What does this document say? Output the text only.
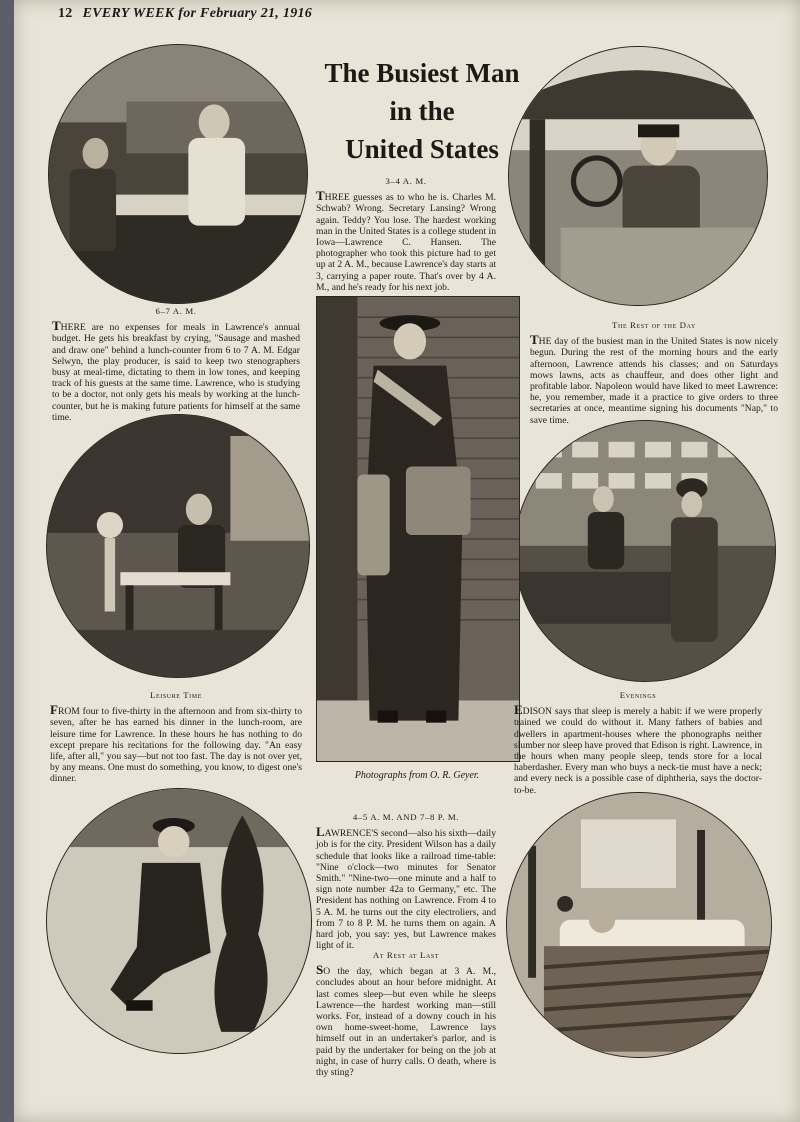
12 EVERY WEEK for February 21, 1916
The Busiest Man
in the
United States
3–4 A. M.
THREE guesses as to who he is. Charles M. Schwab? Wrong. Secretary Lansing? Wrong again. Teddy? You lose. The hardest working man in the United States is a college student in Iowa—Lawrence C. Hansen. The photographer who took this picture had to get up at 2 A. M., because Lawrence's day starts at 3, carrying a paper route. That's over by 4 A. M., and he's ready for his next job.
6–7 A. M.
THERE are no expenses for meals in Lawrence's annual budget. He gets his breakfast by crying, "Sausage and mashed and draw one" behind a lunch-counter from 6 to 7 A. M. Edgar Selwyn, the play producer, is said to keep two stenographers busy at meal-time, dictating to them in low tones, and keeping track of his guests at the same time. Lawrence, who is studying to be a doctor, not only gets his meals by working at the lunch-counter, but he is making future patients for himself at the same time.
The Rest of the Day
THE day of the busiest man in the United States is now nicely begun. During the rest of the morning hours and the early afternoon, Lawrence attends his classes; and on Saturdays mows lawns, acts as chauffeur, and does other light and profitable labor. Napoleon would have liked to meet Lawrence: he, you remember, made it a practice to give orders to three secretaries at once, meantime signing his documents "Nap," to save time.
Leisure Time
FROM four to five-thirty in the afternoon and from six-thirty to seven, after he has earned his dinner in the lunch-room, are leisure time for Lawrence. In these hours he has nothing to do except prepare his recitations for the following day. "An easy life, after all," you say—but not too fast. The day is not over yet, by any means. One must do something, you know, to digest one's dinner.
Evenings
EDISON says that sleep is merely a habit: if we were properly trained we could do without it. Many fathers of babies and dwellers in apartment-houses where the phonographs neither slumber nor sleep have proved that Edison is right. Lawrence, in the hours when many people sleep, tends store for a local haberdasher. Every man who buys a neck-tie must have a neck; and every neck is a possible case of diphtheria, says the doctor-to-be.
Photographs from O. R. Geyer.
4–5 A. M. AND 7–8 P. M.
LAWRENCE'S second—also his sixth—daily job is for the city. President Wilson has a daily schedule that looks like a railroad time-table: "Nine o'clock—two minutes for Senator Smith." "Nine-two—one minute and a half to sign note number 42a to Germany," etc. The President has nothing on Lawrence. From 4 to 5 A. M. he turns out the city electroliers, and from 7 to 8 P. M. he turns them on again. A hard job, you say: yes, but Lawrence makes light of it.
At Rest at Last
SO the day, which began at 3 A. M., concludes about an hour before midnight. At last comes sleep—but even while he sleeps Lawrence—the hardest working man—still works. For, instead of a downy couch in his own home-sweet-home, Lawrence lays himself out in an undertaker's parlor, and is paid by the undertaker for being on the job at night, in case of hurry calls. O death, where is thy sting?
